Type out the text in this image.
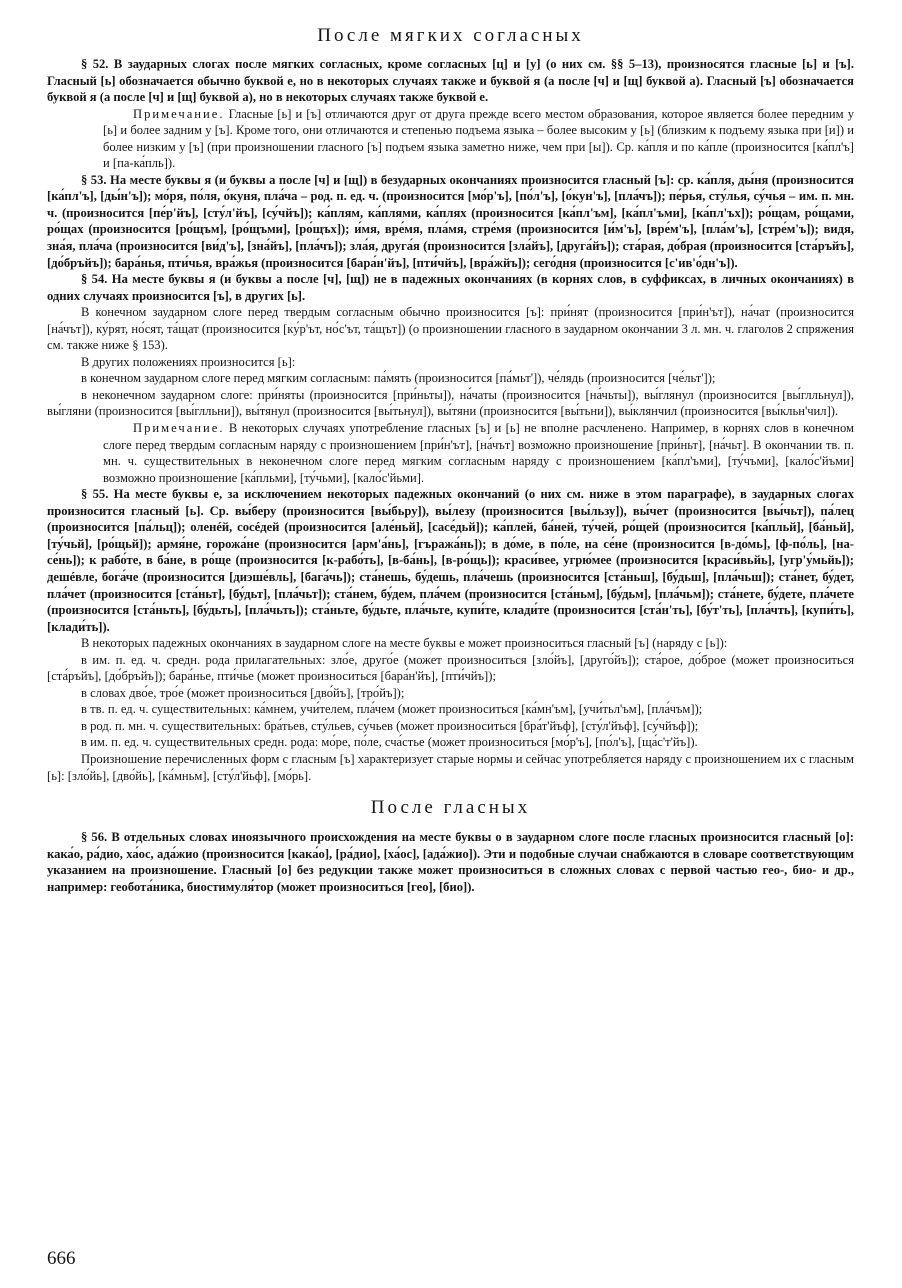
После мягких согласных

§ 52. В заударных слогах после мягких согласных, кроме согласных [ц] и [у] (о них см. §§ 5–13), произносятся гласные [ь] и [ъ]. Гласный [ь] обозначается обычно буквой е, но в некоторых случаях также и буквой я (а после [ч] и [щ] буквой а). Гласный [ъ] обозначается буквой я (а после [ч] и [щ] буквой а), но в некоторых случаях также буквой е.

Примечание. Гласные [ь] и [ъ] отличаются друг от друга прежде всего местом образования, которое является более передним у [ь] и более задним у [ъ]. Кроме того, они отличаются и степенью подъема языка – более высоким у [ь] (близким к подъему языка при [и]) и более низким у [ъ] (при произношении гласного [ъ] подъем языка заметно ниже, чем при [ы]). Ср. ка́пля и по ка́пле (произносится [ка́пл'ъ] и [па-ка́пль]).

§ 53. На месте буквы я (и буквы а после [ч] и [щ]) в безударных окончаниях произносится гласный [ъ]: ср. ка́пля, ды́ня (произносится [ка́пл'ъ], [ды́н'ъ]); мо́ря, по́ля, о́куня, пла́ча – род. п. ед. ч. (произносится [мо́р'ъ], [по́л'ъ], [о́кун'ъ], [пла́чъ]); пе́рья, сту́лья, су́чья – им. п. мн. ч. (произносится [пе́р'йъ], [сту́л'йъ], [су́чйъ]); ка́плям, ка́плями, ка́плях (произносится [ка́пл'ъм], [ка́пл'ъми], [ка́пл'ъх]); ро́щам, ро́щами, ро́щах (произносится [ро́щъм], [ро́щъми], [ро́щъх]); и́мя, вре́мя, пла́мя, стре́мя (произносится [и́м'ъ], [вре́м'ъ], [пла́м'ъ], [стре́м'ъ]); видя, зна́я, пла́ча (произносится [ви́д'ъ], [зна́йъ], [пла́чъ]); зла́я, друга́я (произносится [зла́йъ], [друга́йъ]); ста́рая, до́брая (произносится [ста́ръйъ], [до́бръйъ]); бара́нья, пти́чья, вра́жья (произносится [бара́н'йъ], [пти́чйъ], [вра́жйъ]); сего́дня (произносится [с'ив'о́дн'ъ]).

§ 54. На месте буквы я (и буквы а после [ч], [щ]) не в падежных окончаниях (в корнях слов, в суффиксах, в личных окончаниях) в одних случаях произносится [ъ], в других [ь].

В конечном заударном слоге перед твердым согласным обычно произносится [ъ]: при́нят (произносится [при́н'ът]), на́чат (произносится [на́чът]), ку́рят, но́сят, та́щат (произносится [ку́р'ът, но́с'ът, та́щът]) (о произношении гласного в заударном окончании 3 л. мн. ч. глаголов 2 спряжения см. также ниже § 153).

В других положениях произносится [ь]:

в конечном заударном слоге перед мягким согласным: па́мять (произносится [па́мьт']), че́лядь (произносится [че́льт']);

в неконечном заударном слоге: при́няты (произносится [при́ньты]), на́чаты (произносится [на́чьты]), вы́глянул (произносится [вы́глльнул]), вы́гляни (произносится [вы́глльни]), вы́тянул (произносится [вы́тьнул]), вы́тяни (произносится [вы́тьни]), вы́клянчил (произносится [вы́кльн'чил]).

Примечание. В некоторых случаях употребление гласных [ъ] и [ь] не вполне расчленено. Например, в корнях слов в конечном слоге перед твердым согласным наряду с произношением [при́н'ът], [на́чът] возможно произношение [при́ньт], [на́чьт]. В окончании тв. п. мн. ч. существительных в неконечном слоге перед мягким согласным наряду с произношением [ка́пл'ъми], [ту́чъми], [кало́с'йъми] возможно произношение [ка́пльми], [ту́чьми], [кало́с'йьми].

§ 55. На месте буквы е, за исключением некоторых падежных окончаний (о них см. ниже в этом параграфе), в заударных слогах произносится гласный [ь]. Ср. вы́беру (произносится [вы́бьру]), вы́лезу (произносится [вы́льзу]), вы́чет (произносится [вы́чьт]), па́лец (произносится [па́льц]); оленéй, сосéдей (произносится [але́ньй], [сасе́дьй]); ка́плей, ба́ней, ту́чей, ро́щей (произносится [ка́пльй], [ба́ньй], [ту́чьй], [ро́щьй]); армя́не, горожа́не (произносится [арм'а́нь], [гъража́нь]); в до́ме, в по́ле, на се́не (произносится [в-до́мь], [ф-по́ль], [на-се́нь]); к рабо́те, в ба́не, в ро́ще (произносится [к-рабо́ть], [в-ба́нь], [в-ро́щь]); краси́вее, угрю́мее (произносится [краси́вьйь], [угр'у́мьйь]); дешéвле, бога́че (произносится [диэше́вль], [бага́чь]); ста́нешь, бу́дешь, пла́чешь (произносится [ста́ньш], [бу́дьш], [пла́чьш]); ста́нет, бу́дет, пла́чет (произносится [ста́ньт], [бу́дьт], [пла́чьт]); ста́нем, бу́дем, пла́чем (произносится [ста́ньм], [бу́дьм], [пла́чьм]); ста́нете, бу́дете, пла́чете (произносится [ста́ньть], [бу́дьть], [пла́чьть]); ста́ньте, бу́дьте, пла́чьте, купи́те, клади́те (произносится [ста́н'ть], [бу́т'ть], [пла́чть], [купи́ть], [клади́ть]).

В некоторых падежных окончаниях в заударном слоге на месте буквы е может произноситься гласный [ъ] (наряду с [ь]):

в им. п. ед. ч. средн. рода прилагательных: зло́е, друго́е (может произноситься [зло́йъ], [друго́йъ]); ста́рое, до́брое (может произноситься [ста́ръйъ], [до́бръйъ]); бара́нье, пти́чье (может произноситься [бара́н'йъ], [пти́чйъ]);

в словах дво́е, тро́е (может произноситься [дво́йъ], [тро́йъ]);

в тв. п. ед. ч. существительных: ка́мнем, учи́телем, пла́чем (может произноситься [ка́мн'ъм], [учи́тьл'ъм], [пла́чъм]);

в род. п. мн. ч. существительных: бра́тьев, сту́льев, су́чьев (может произноситься [бра́т'йъф], [сту́л'йъф], [су́чйъф]);

в им. п. ед. ч. существительных средн. рода: мо́ре, по́ле, сча́стье (может произноситься [мо́р'ъ], [по́л'ъ], [ща́с'т'йъ]).

Произношение перечисленных форм с гласным [ъ] характеризует старые нормы и сейчас употребляется наряду с произношением их с гласным [ь]: [зло́йь], [дво́йь], [ка́мньм], [сту́л'йьф], [мо́рь].

После гласных

§ 56. В отдельных словах иноязычного происхождения на месте буквы о в заударном слоге после гласных произносится гласный [о]: кака́о, ра́дио, ха́ос, ада́жио (произносится [кака́о], [ра́дио], [ха́ос], [ада́жио]). Эти и подобные случаи снабжаются в словаре соответствующим указанием на произношение. Гласный [о] без редукции также может произноситься в сложных словах с первой частью гео-, био- и др., например: геобота́ника, биостимуля́тор (может произноситься [гео], [био]).

666
